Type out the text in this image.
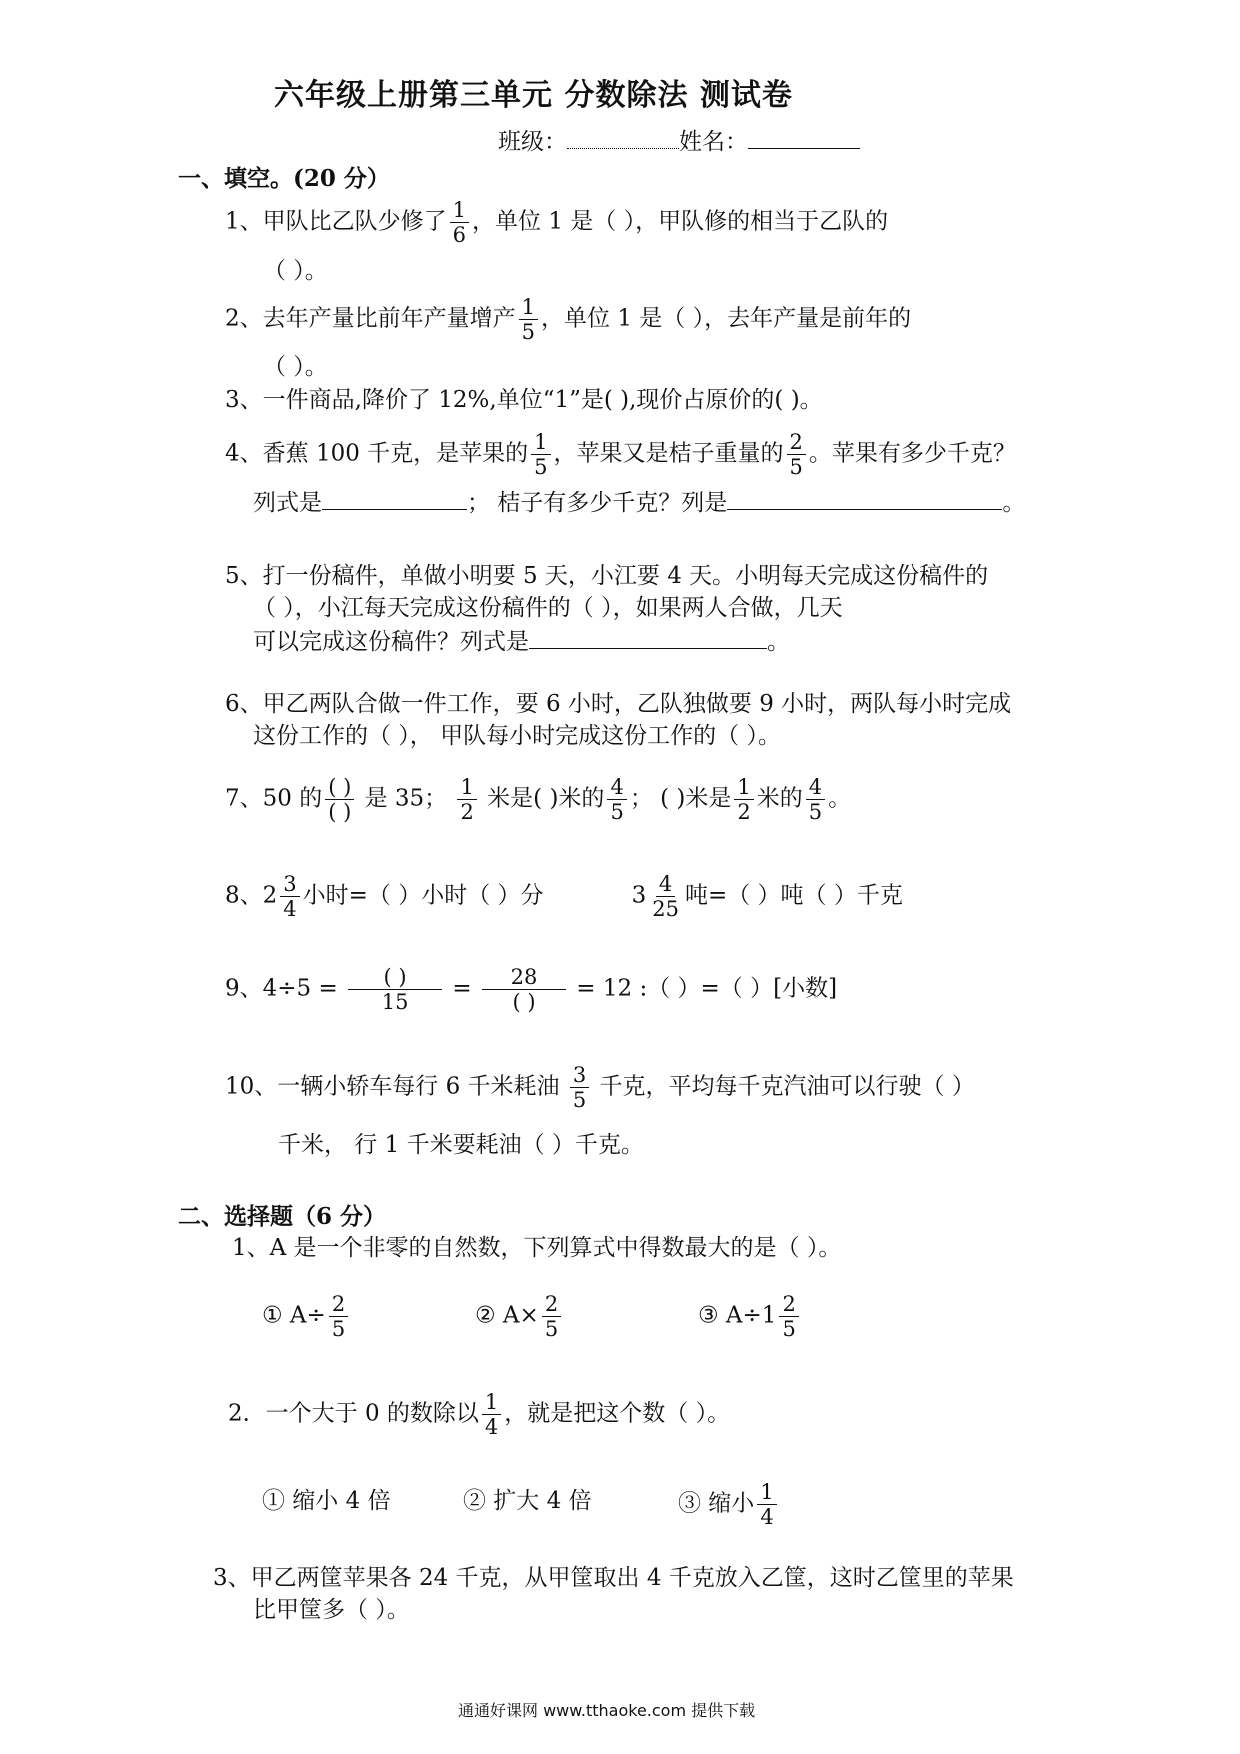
六年级上册第三单元 分数除法 测试卷
班级：	姓名：
一、填空。(20 分）
1、甲队比乙队少修了 $\frac{1}{6}$ ，单位 1 是（ ），甲队修的相当于乙队的
（ ）。
2、去年产量比前年产量增产 $\frac{1}{5}$ ，单位 1 是（ ），去年产量是前年的
（ ）。
3、一件商品,降价了 12%,单位“1”是( ),现价占原价的( )。
4、香蕉 100 千克，是苹果的 $\frac{1}{5}$ ，苹果又是桔子重量的 $\frac{2}{5}$ 。苹果有多少千克？
列式是	； 桔子有多少千克？列是	。
5、打一份稿件，单做小明要 5 天，小江要 4 天。小明每天完成这份稿件的
（ ），小江每天完成这份稿件的（ ），如果两人合做，几天
可以完成这份稿件？列式是	。
6、甲乙两队合做一件工作，要 6 小时，乙队独做要 9 小时，两队每小时完成
这份工作的（ ）， 甲队每小时完成这份工作的（ ）。
7、50 的 ( )
( )
是 35； $\frac{1}{2}$ 米是( )米的 $\frac{4}{5}$ ； ( )米是 $\frac{1}{2}$ 米的 $\frac{4}{5}$ 。
8、$2 \frac{3}{4}$ 小时=（ ）小时（ ）分	$3 \frac{4}{25}$ 吨=（ ）吨（ ）千克
9、4÷5 =	( )
15
=	28
( )
= 12 :（ ）=（ ）[小数]
10、一辆小轿车每行 6 千米耗油 $\frac{3}{5}$ 千克，平均每千克汽油可以行驶（ ）
千米， 行 1 千米要耗油（ ）千克。
二、选择题（6 分）
1、A 是一个非零的自然数，下列算式中得数最大的是（ ）。
① $A\div \frac{2}{5}$	② $A\times \frac{2}{5}$	③ $A\div 1 \frac{2}{5}$
2．一个大于 0 的数除以 $\frac{1}{4}$ ，就是把这个数（ ）。
① 缩小 4 倍	② 扩大 4 倍	③ 缩小 $\frac{1}{4}$
3、甲乙两筐苹果各 24 千克，从甲筐取出 4 千克放入乙筐，这时乙筐里的苹果
比甲筐多（ ）。
通通好课网 www.tthaoke.com 提供下载
